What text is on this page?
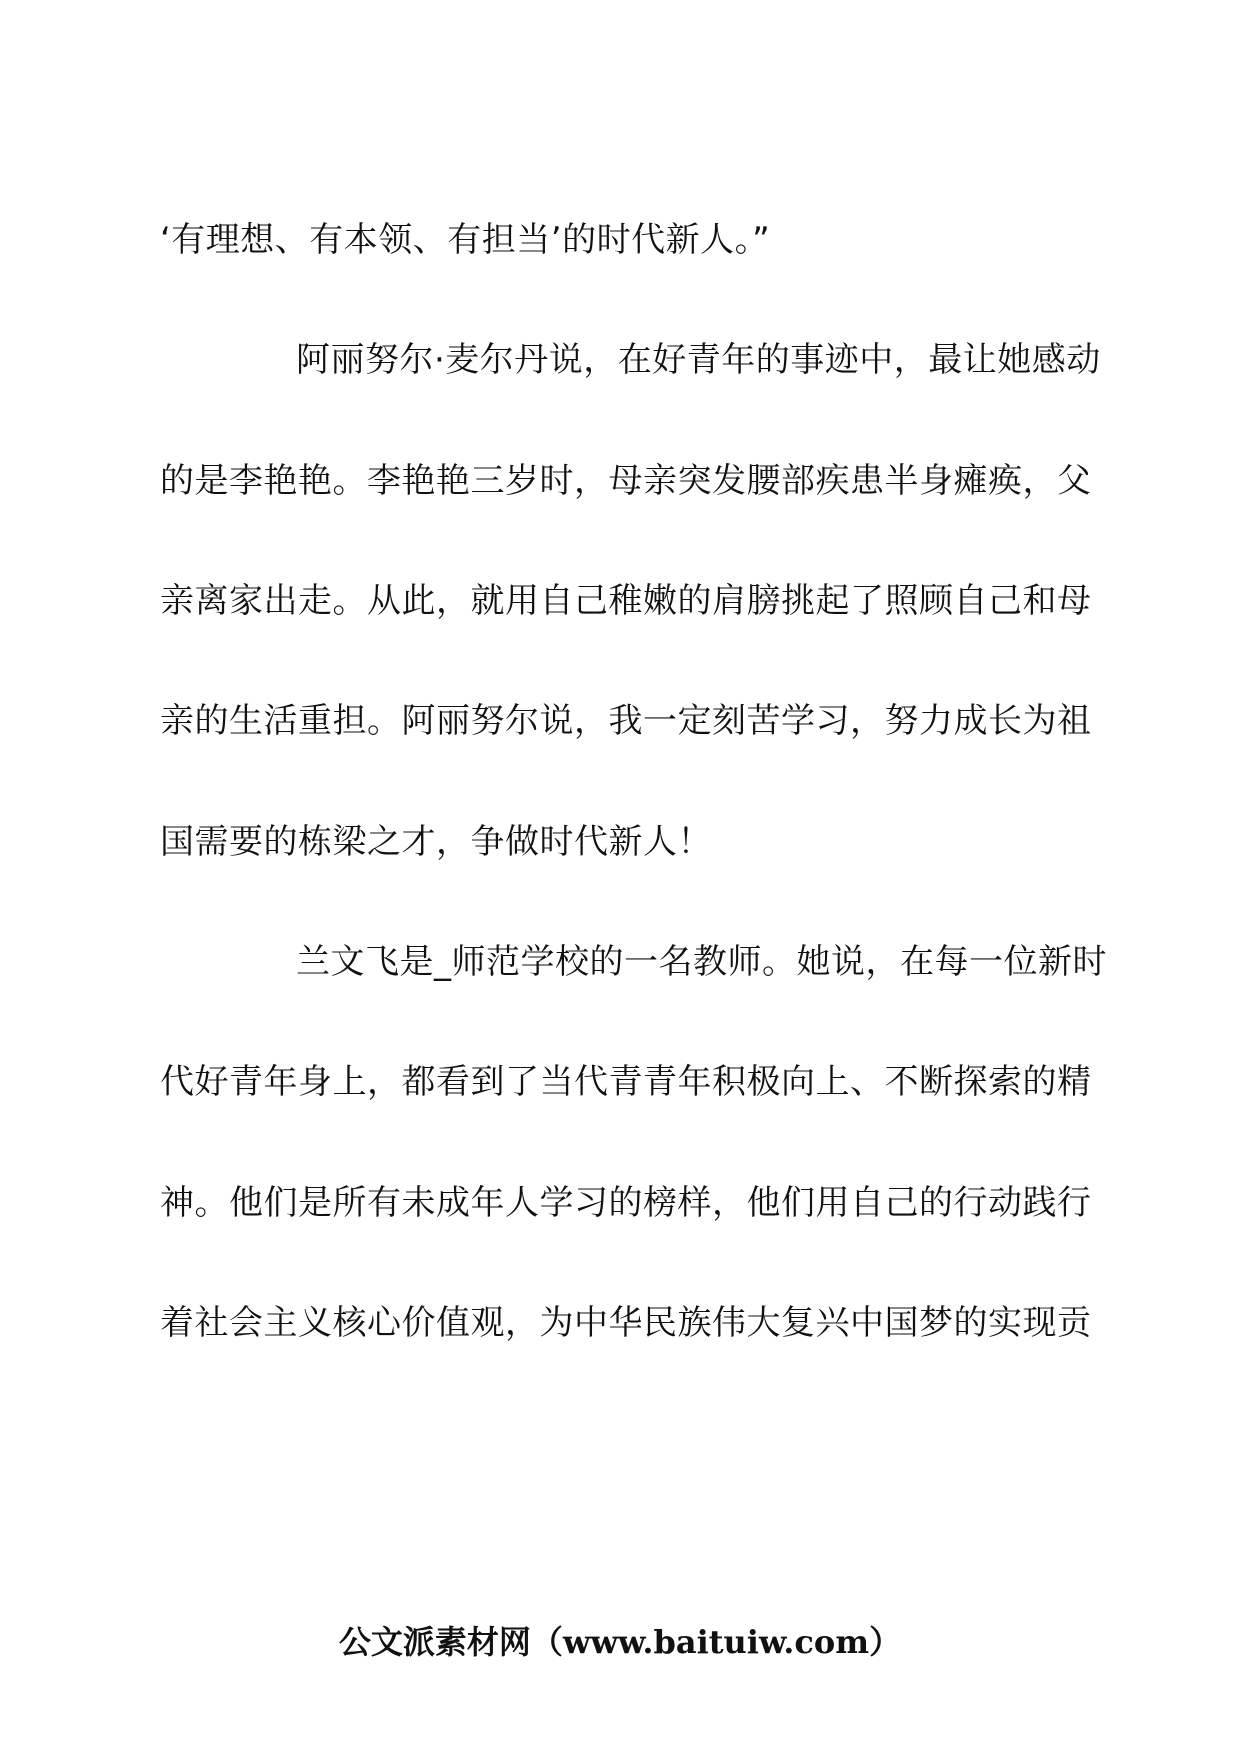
‘有理想、有本领、有担当’的时代新人。”
阿丽努尔·麦尔丹说，在好青年的事迹中，最让她感动
的是李艳艳。李艳艳三岁时，母亲突发腰部疾患半身瘫痪，父
亲离家出走。从此，就用自己稚嫩的肩膀挑起了照顾自己和母
亲的生活重担。阿丽努尔说，我一定刻苦学习，努力成长为祖
国需要的栋梁之才，争做时代新人！
兰文飞是_师范学校的一名教师。她说，在每一位新时
代好青年身上，都看到了当代青青年积极向上、不断探索的精
神。他们是所有未成年人学习的榜样，他们用自己的行动践行
着社会主义核心价值观，为中华民族伟大复兴中国梦的实现贡
公文派素材网（www.baituiw.com）
